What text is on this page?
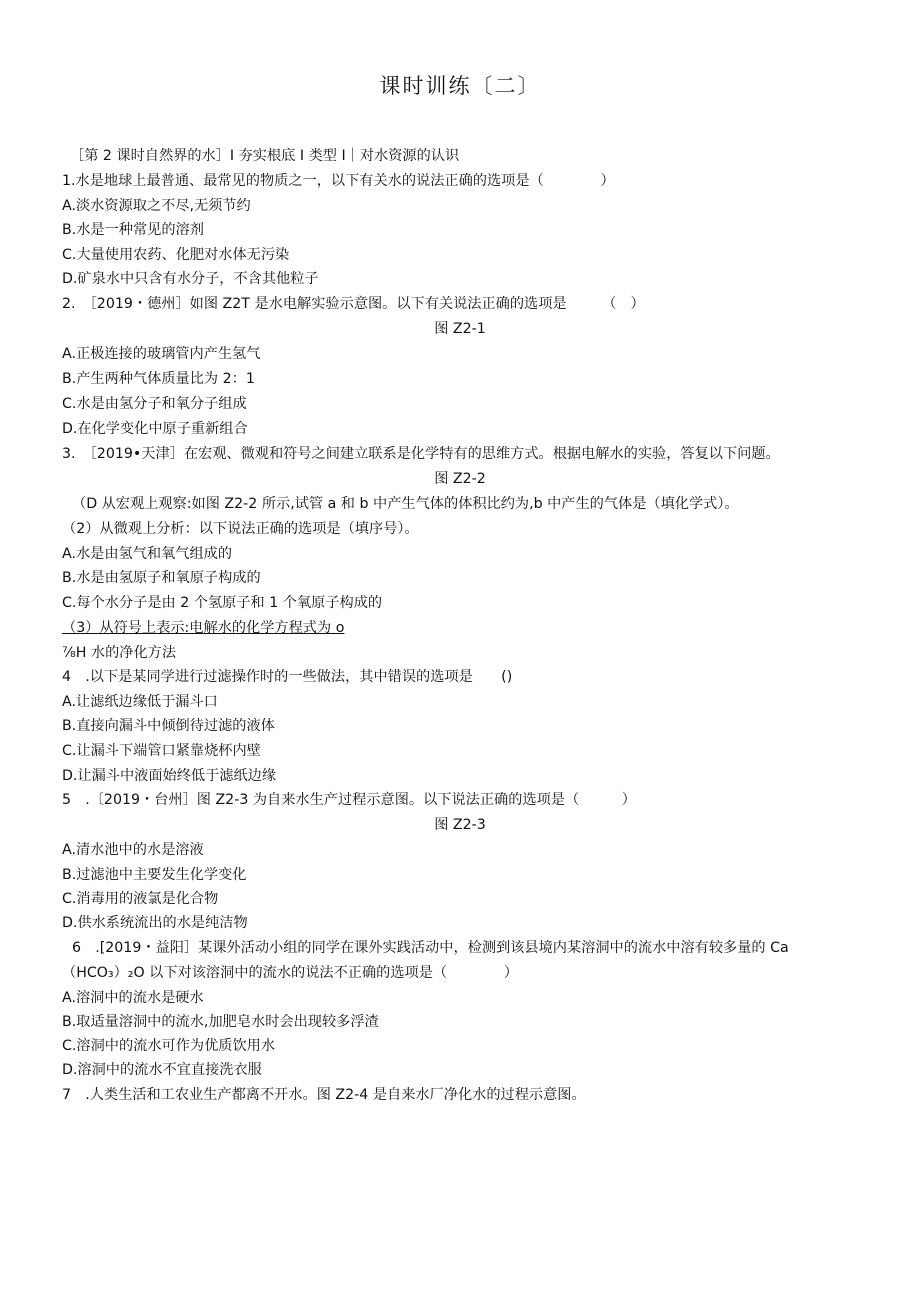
课时训练〔二〕
［第 2 课时自然界的水］I 夯实根底 I 类型 I｜对水资源的认识
1.水是地球上最普通、最常见的物质之一，以下有关水的说法正确的选项是（　　　　）
A.淡水资源取之不尽,无须节约
B.水是一种常见的溶剂
C.大量使用农药、化肥对水体无污染
D.矿泉水中只含有水分子，不含其他粒子
2.　［2019・德州］如图 Z2T 是水电解实验示意图。以下有关说法正确的选项是　　　（　）
图 Z2-1
A.正极连接的玻璃管内产生氢气
B.产生两种气体质量比为 2：1
C.水是由氢分子和氧分子组成
D.在化学变化中原子重新组合
3.　［2019•天津］在宏观、微观和符号之间建立联系是化学特有的思维方式。根据电解水的实验，答复以下问题。
图 Z2-2
（D 从宏观上观察:如图 Z2-2 所示,试管 a 和 b 中产生气体的体积比约为,b 中产生的气体是（填化学式）。
（2）从微观上分析：以下说法正确的选项是（填序号）。
A.水是由氢气和氧气组成的
B.水是由氢原子和氧原子构成的
C.每个水分子是由 2 个氢原子和 1 个氧原子构成的
（3）从符号上表示:电解水的化学方程式为 o
⅞H 水的净化方法
4　.以下是某同学进行过滤操作时的一些做法，其中错误的选项是　　()
A.让滤纸边缘低于漏斗口
B.直接向漏斗中倾倒待过滤的液体
C.让漏斗下端管口紧靠烧杯内壁
D.让漏斗中液面始终低于滤纸边缘
5　.〔2019・台州］图 Z2-3 为自来水生产过程示意图。以下说法正确的选项是（　　　）
图 Z2-3
A.清水池中的水是溶液
B.过滤池中主要发生化学变化
C.消毒用的液氯是化合物
D.供水系统流出的水是纯洁物
6　.[2019・益阳］某课外活动小组的同学在课外实践活动中，检测到该县境内某溶洞中的流水中溶有较多量的 Ca
（HCO₃）₂O 以下对该溶洞中的流水的说法不正确的选项是（　　　　）
A.溶洞中的流水是硬水
B.取适量溶洞中的流水,加肥皂水时会出现较多浮渣
C.溶洞中的流水可作为优质饮用水
D.溶洞中的流水不宜直接洗衣服
7　.人类生活和工农业生产都离不开水。图 Z2-4 是自来水厂净化水的过程示意图。
